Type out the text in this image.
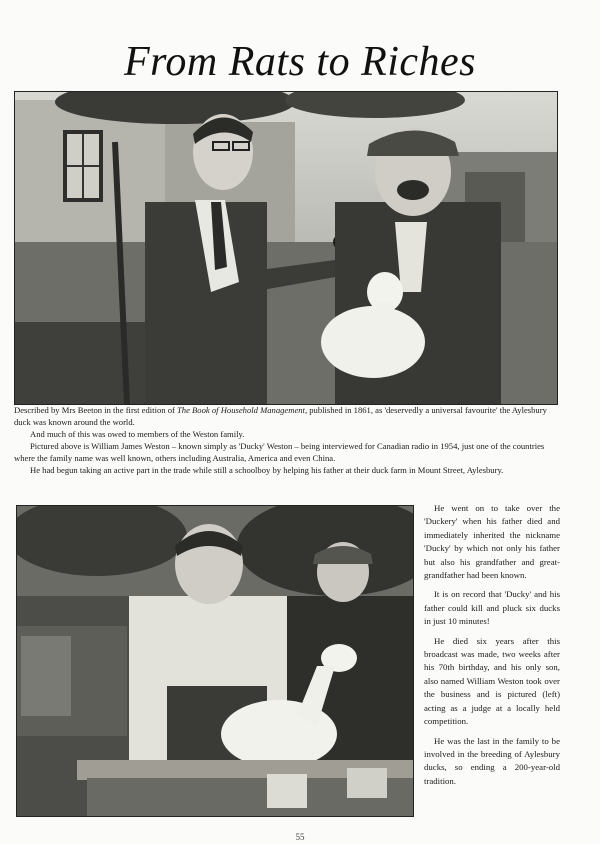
From Rats to Riches

Described by Mrs Beeton in the first edition of The Book of Household Management, published in 1861, as 'deservedly a universal favourite' the Aylesbury duck was known around the world.

And much of this was owed to members of the Weston family.

Pictured above is William James Weston – known simply as 'Ducky' Weston – being interviewed for Canadian radio in 1954, just one of the countries where the family name was well known, others including Australia, America and even China.

He had begun taking an active part in the trade while still a schoolboy by helping his father at their duck farm in Mount Street, Aylesbury.

He went on to take over the 'Duckery' when his father died and immediately inherited the nickname 'Ducky' by which not only his father but also his grandfather and great-grandfather had been known.

It is on record that 'Ducky' and his father could kill and pluck six ducks in just 10 minutes!

He died six years after this broadcast was made, two weeks after his 70th birthday, and his only son, also named William Weston took over the business and is pictured (left) acting as a judge at a locally held competition.

He was the last in the family to be involved in the breeding of Aylesbury ducks, so ending a 200-year-old tradition.

55
